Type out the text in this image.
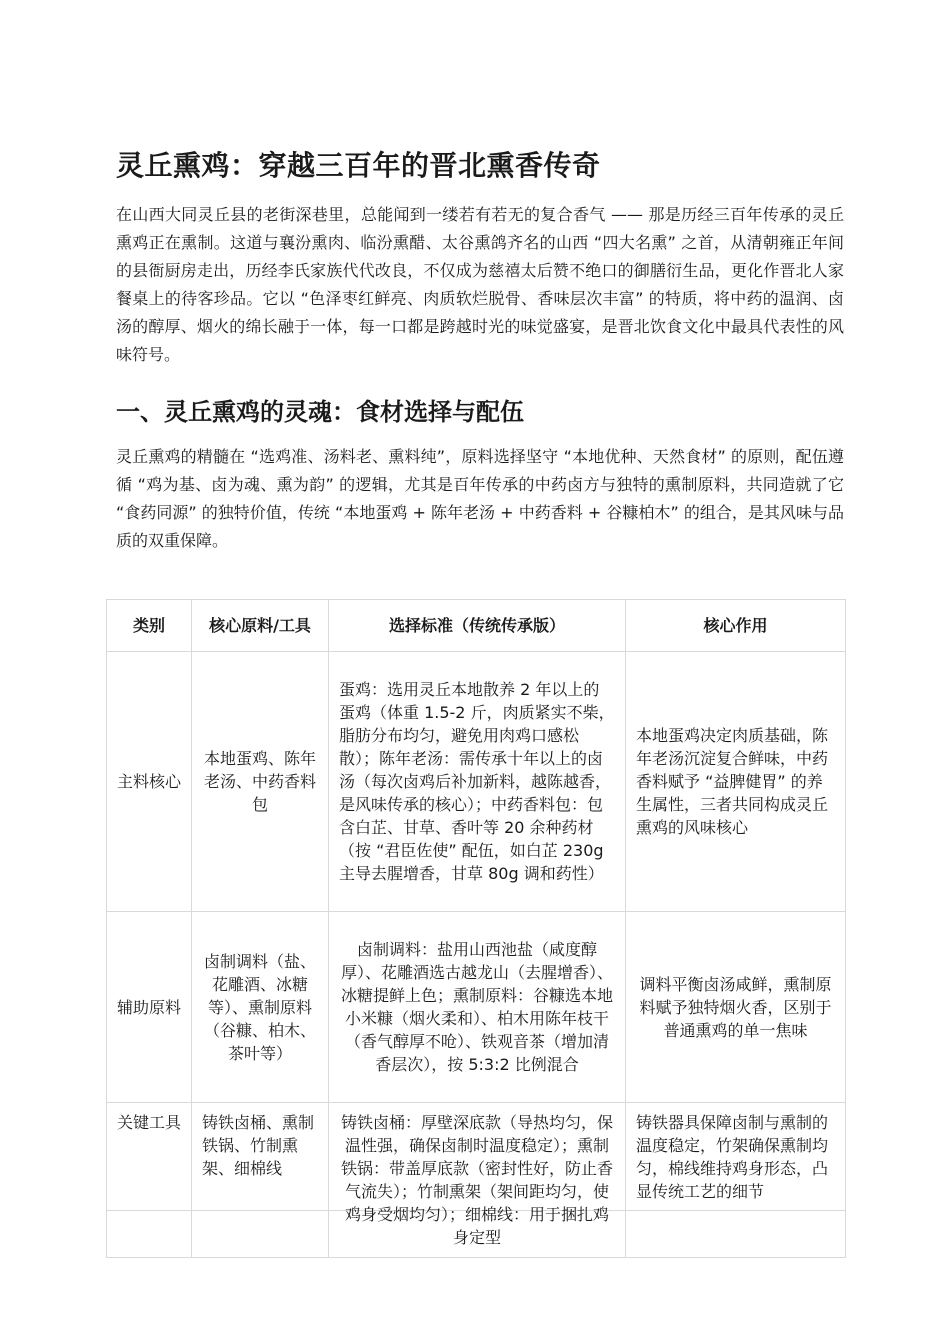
灵丘熏鸡：穿越三百年的晋北熏香传奇

在山西大同灵丘县的老街深巷里，总能闻到一缕若有若无的复合香气 —— 那是历经三百年传承的灵丘熏鸡正在熏制。这道与襄汾熏肉、临汾熏醋、太谷熏鸽齐名的山西 “四大名熏” 之首，从清朝雍正年间的县衙厨房走出，历经李氏家族代代改良，不仅成为慈禧太后赞不绝口的御膳衍生品，更化作晋北人家餐桌上的待客珍品。它以 “色泽枣红鲜亮、肉质软烂脱骨、香味层次丰富” 的特质，将中药的温润、卤汤的醇厚、烟火的绵长融于一体，每一口都是跨越时光的味觉盛宴，是晋北饮食文化中最具代表性的风味符号。

一、灵丘熏鸡的灵魂：食材选择与配伍

灵丘熏鸡的精髓在 “选鸡准、汤料老、熏料纯”，原料选择坚守 “本地优种、天然食材” 的原则，配伍遵循 “鸡为基、卤为魂、熏为韵” 的逻辑，尤其是百年传承的中药卤方与独特的熏制原料，共同造就了它 “食药同源” 的独特价值，传统 “本地蛋鸡 + 陈年老汤 + 中药香料 + 谷糠柏木” 的组合，是其风味与品质的双重保障。

类别	核心原料/工具	选择标准（传统传承版）	核心作用
主料核心	本地蛋鸡、陈年老汤、中药香料包	蛋鸡：选用灵丘本地散养 2 年以上的蛋鸡（体重 1.5-2 斤，肉质紧实不柴，脂肪分布均匀，避免用肉鸡口感松散）；陈年老汤：需传承十年以上的卤汤（每次卤鸡后补加新料，越陈越香，是风味传承的核心）；中药香料包：包含白芷、甘草、香叶等 20 余种药材（按 “君臣佐使” 配伍，如白芷 230g 主导去腥增香，甘草 80g 调和药性）	本地蛋鸡决定肉质基础，陈年老汤沉淀复合鲜味，中药香料赋予 “益脾健胃” 的养生属性，三者共同构成灵丘熏鸡的风味核心
辅助原料	卤制调料（盐、花雕酒、冰糖等）、熏制原料（谷糠、柏木、茶叶等）	卤制调料：盐用山西池盐（咸度醇厚）、花雕酒选古越龙山（去腥增香）、冰糖提鲜上色；熏制原料：谷糠选本地小米糠（烟火柔和）、柏木用陈年枝干（香气醇厚不呛）、铁观音茶（增加清香层次），按 5:3:2 比例混合	调料平衡卤汤咸鲜，熏制原料赋予独特烟火香，区别于普通熏鸡的单一焦味
关键工具	铸铁卤桶、熏制铁锅、竹制熏架、细棉线	铸铁卤桶：厚壁深底款（导热均匀，保温性强，确保卤制时温度稳定）；熏制铁锅：带盖厚底款（密封性好，防止香气流失）；竹制熏架（架间距均匀，使鸡身受烟均匀）；细棉线：用于捆扎鸡身定型	铸铁器具保障卤制与熏制的温度稳定，竹架确保熏制均匀，棉线维持鸡身形态，凸显传统工艺的细节
